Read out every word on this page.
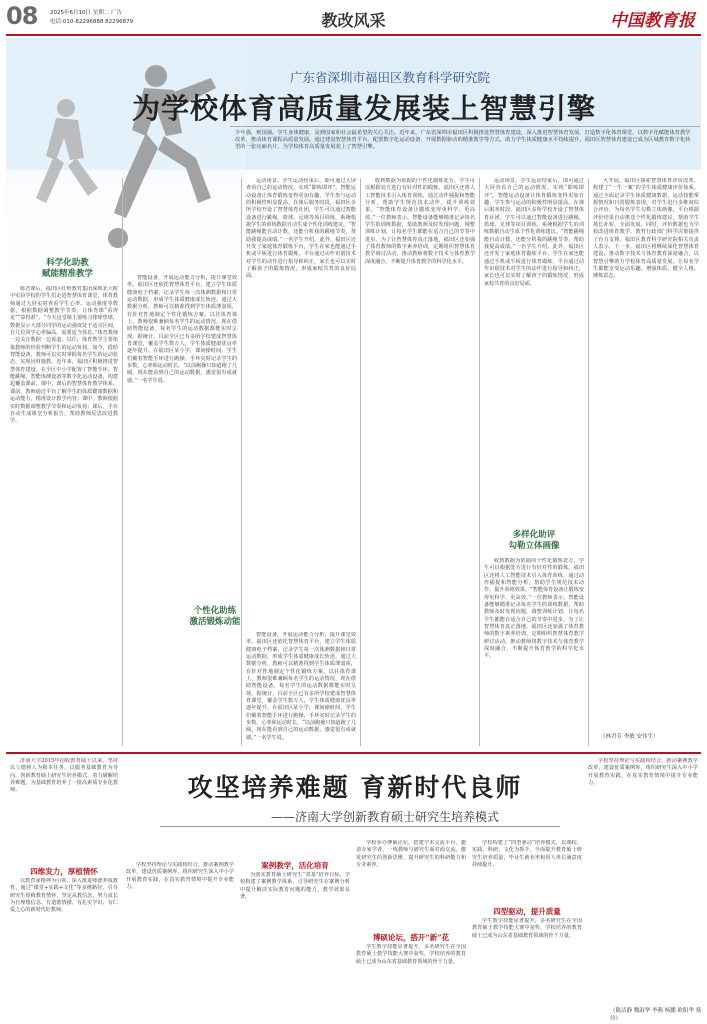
08 2025年6月10日 星期二 广告
电话:010-82296888 82296879	教改风采	中国教育报
广东省深圳市福田区教育科学研究院
为学校体育高质量发展装上智慧引擎
少年强，则国强。学生身体健康，是到国家和社会最希望的关心关注。近年来，广东省深圳市福田区积极推进智慧体育建设，深入推进智慧体育发展，打造数字化体育课堂，以数字化赋能体育教学改革，推动体育课程高质量发展。通过建设智慧体育平台、配置数字化运动设备、开展数据驱动的精准教学等方式，助力学生体质健康水平持续提升，福田区智慧体育建设已成为区域教育数字化转型的一张亮丽名片，为学校体育高质量发展装上了智慧引擎。
科学化助教
赋能精准教学

陈君课后，福田区红岭教育集团深圳北大附中实验学校的学生们走进智慧体育课堂。体育教师通过大屏实时查看学生心率、运动强度等数据，根据数据调整教学节奏，让体育课“看得见”“算得准”。“今天这堂课主要练习排球垫球，数据显示大部分同学的运动强度处于适宜区间，有几位同学心率偏高，需要适当休息。”体育教师一边关注数据一边说道。以往，体育教学主要依靠教师的经验判断学生的运动负荷，如今，借助智能设备，教师可以实时掌握每名学生的运动状态，实现因材施教。近年来，福田区积极推进智慧体育建设，在全区中小学配置了智能手环、智能跳绳、智能体测设备等数字化运动设备，构建起覆盖课前、课中、课后的智慧体育教学体系。课前，教师通过平台了解学生的体质健康数据和运动能力，精准设计教学内容；课中，教师根据实时数据调整教学节奏和运动负荷；课后，平台自动生成课堂分析报告，帮助教师反思改进教学。

智能设备，开展运动能力分析，提升课堂效率。福田区还依托智慧体育平台，建立学生体质健康电子档案，记录学生每一次体测数据和日常运动数据，形成学生体质健康成长轨迹。通过大数据分析，教师可以精准找到学生体质薄弱项，有针对性地制定个性化锻炼方案。以往体育课上，教师很难兼顾每名学生的运动情况，现在借助智能设备，每名学生的运动数据都能实时呈现。据统计，目前全区已有多所学校建成智慧体育课堂，覆盖学生数万人，学生体质健康优良率逐年提升。在福田区某小学，课间操时间，学生们戴着智能手环进行跑操，手环实时记录学生的步数、心率和运动时长。“以前跑操只知道跑了几圈，现在能看到自己的运动数据，感觉很有成就感。”一名学生说。

运动场景。学生运动结束后，即可通过大屏查看自己的运动情况，实现“即练即评”。智能运动设备让体育锻炼变得更加有趣，学生参与运动的积极性明显提高。在课后服务时段，福田区多所学校开设了智慧体育社团，学生可以通过智能设备进行跳绳、篮球、足球等项目训练，系统根据学生的训练数据自动生成个性化训练建议。“智能跳绳能自动计数，还能分析我的跳绳节奏，帮助我提高成绩。”一名学生介绍。此外，福田区还开发了家庭体育锻炼平台，学生在家也能通过手机或平板进行体育锻炼，平台通过动作识别技术对学生的动作进行指导和纠正，家长也可以实时了解孩子的锻炼情况，形成家校共育的良好局面。

个性化助练
激活锻炼动能

智能设备，开展运动能力分析，提升课堂效率。福田区还依托智慧体育平台，建立学生体质健康电子档案，记录学生每一次体测数据和日常运动数据，形成学生体质健康成长轨迹。通过大数据分析，教师可以精准找到学生体质薄弱项，有针对性地制定个性化锻炼方案。以往体育课上，教师很难兼顾每名学生的运动情况，现在借助智能设备，每名学生的运动数据都能实时呈现。据统计，目前全区已有多所学校建成智慧体育课堂，覆盖学生数万人，学生体质健康优良率逐年提升。在福田区某小学，课间操时间，学生们戴着智能手环进行跑操，手环实时记录学生的步数、心率和运动时长。“以前跑操只知道跑了几圈，现在能看到自己的运动数据，感觉很有成就感。”一名学生说。

收到数据为依据的个性化锻炼处方，学生可以根据处方进行有针对性的锻炼。福田区还将人工智能技术引入体育训练，通过动作捕捉和智能分析，帮助学生规范技术动作，提升训练效果。“智能体育设备让锻炼变得更科学、更高效。”一位教师表示，智能设备能够精准记录每名学生的训练数据，帮助教师及时发现问题，调整训练计划，让每名学生都能在适合自己的节奏中进步。为了让智慧体育真正落地，福田区还加强了体育教师的数字素养培训，定期组织智慧体育教学研讨活动，推动教师将数字技术与体育教学深度融合，不断提升体育教学的科学化水平。

运动场景。学生运动结束后，即可通过大屏查看自己的运动情况，实现“即练即评”。智能运动设备让体育锻炼变得更加有趣，学生参与运动的积极性明显提高。在课后服务时段，福田区多所学校开设了智慧体育社团，学生可以通过智能设备进行跳绳、篮球、足球等项目训练，系统根据学生的训练数据自动生成个性化训练建议。“智能跳绳能自动计数，还能分析我的跳绳节奏，帮助我提高成绩。”一名学生介绍。此外，福田区还开发了家庭体育锻炼平台，学生在家也能通过手机或平板进行体育锻炼，平台通过动作识别技术对学生的动作进行指导和纠正，家长也可以实时了解孩子的锻炼情况，形成家校共育的良好局面。

多样化助评
勾勒立体画像

收到数据为依据的个性化锻炼处方，学生可以根据处方进行有针对性的锻炼。福田区还将人工智能技术引入体育训练，通过动作捕捉和智能分析，帮助学生规范技术动作，提升训练效果。“智能体育设备让锻炼变得更科学、更高效。”一位教师表示，智能设备能够精准记录每名学生的训练数据，帮助教师及时发现问题，调整训练计划，让每名学生都能在适合自己的节奏中进步。为了让智慧体育真正落地，福田区还加强了体育教师的数字素养培训，定期组织智慧体育教学研讨活动，推动教师将数字技术与体育教学深度融合，不断提升体育教学的科学化水平。

大开展，福田区探索智慧体育评价改革，构建了“一生一案”的学生体质健康评价体系。通过全面记录学生体质健康数据、运动技能掌握情况和日常锻炼表现，对学生进行多维度综合评价，为每名学生勾勒立体画像。平台根据评价结果自动推送个性化锻炼建议，帮助学生扬长补短，全面发展。同时，评价数据也为学校改进体育教学、教育行政部门科学决策提供了有力支撑。福田区教育科学研究院相关负责人表示，下一步，福田区将继续深化智慧体育建设，推动数字技术与体育教育深度融合，以智慧引擎助力学校体育高质量发展，让每名学生都能享受运动乐趣、增强体质、健全人格、锤炼意志。

（林君芬 李敏 安伟生）

济南大学2015年招收教育硕士以来，坚持以立德树人为根本任务，以服务基础教育为导向，创新教育硕士研究生培养模式，着力破解培养难题，为基础教育培养了一批高素质专业化教师。	攻坚培养难题 育新时代良师
——济南大学创新教育硕士研究生培养模式
四维发力，厚植情怀

以教育家精神为引领，深入推进师德养成教育，通过“课堂+实践+文化”等多维路径，引导研究生厚植教育情怀，坚定从教信念，努力成长为有理想信念、有道德情操、有扎实学识、有仁爱之心的新时代好教师。

学校坚持理论与实践相结合，推动案例教学改革，建设优质案例库，组织研究生深入中小学开展教育实践，在真实教育情境中提升专业能力。

案例教学，活化培育

为落实教育硕士研究生“双基”培养目标，学校构建了案例教学体系，引导研究生在案例分析中提升解决实际教育问题的能力，教学效果显著。

学校举办博硕论坛，搭建学术交流平台，邀请专家学者、一线教师与研究生面对面交流，激发研究生的创新思维，提升研究生的科研能力和专业素养。

博硕论坛，搭开“新”花

学生教学技能显著提升，多名研究生在全国教育硕士教学技能大赛中获奖，学校培养的教育硕士已成为山东省基础教育领域的骨干力量。

学校构建了“四型驱动”培养模式，以课程、实践、科研、文化为抓手，全面提升教育硕士研究生培养质量，毕业生就业率和用人单位满意度持续提升。

四型驱动，提升质量

学生教学技能显著提升，多名研究生在全国教育硕士教学技能大赛中获奖，学校培养的教育硕士已成为山东省基础教育领域的骨干力量。

学校坚持理论与实践相结合，推动案例教学改革，建设优质案例库，组织研究生深入中小学开展教育实践，在真实教育情境中提升专业能力。

（陈洁静 魏淑华 李燕 杨鹏 欧阳华 蔡玲）
